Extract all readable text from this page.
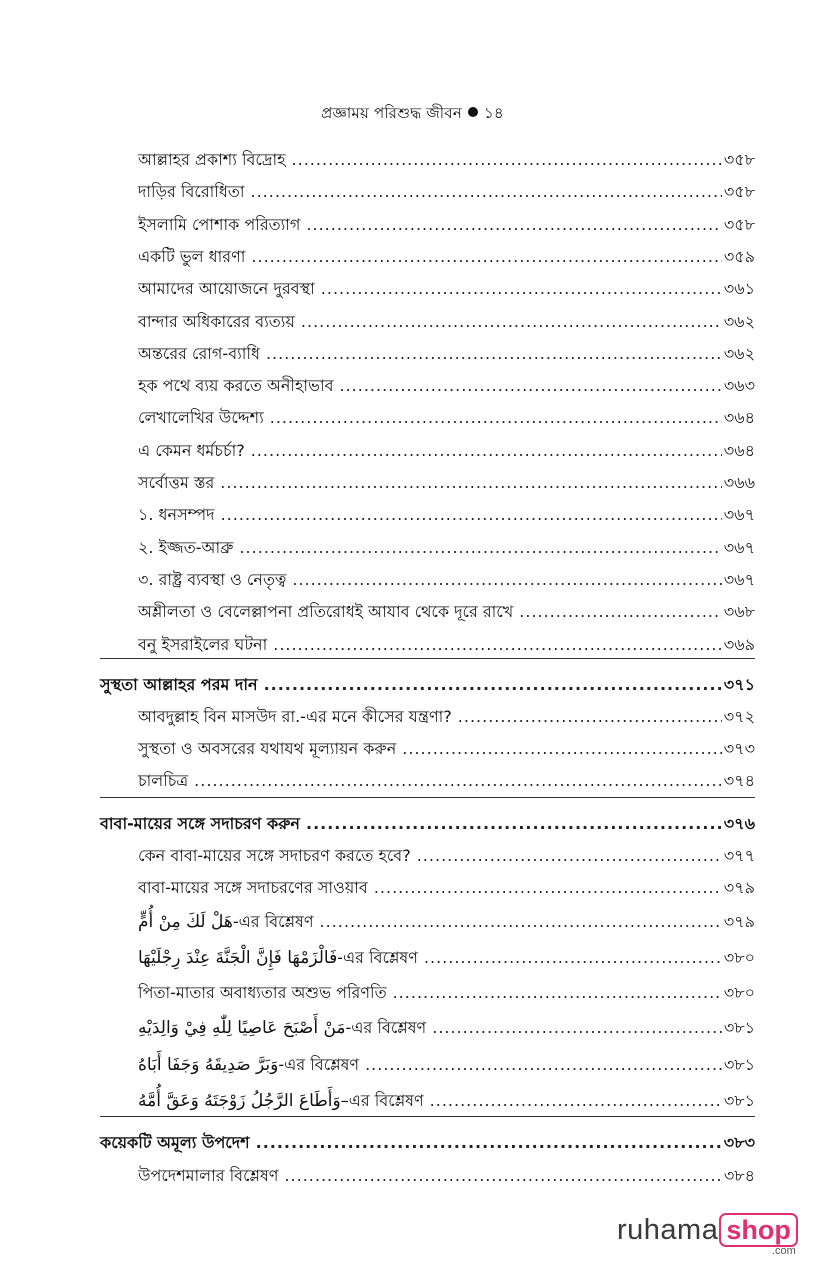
প্রজ্ঞাময় পরিশুদ্ধ জীবন ১৪
আল্লাহর প্রকাশ্য বিদ্রোহ .....	৩৫৮
দাড়ির বিরোধিতা .....	৩৫৮
ইসলামি পোশাক পরিত্যাগ .....	৩৫৮
একটি ভুল ধারণা .....	৩৫৯
আমাদের আয়োজনে দুরবস্থা .....	৩৬১
বান্দার অধিকারের ব্যত্যয় .....	৩৬২
অন্তরের রোগ-ব্যাধি .....	৩৬২
হক পথে ব্যয় করতে অনীহাভাব .....	৩৬৩
লেখালেখির উদ্দেশ্য .....	৩৬৪
এ কেমন ধর্মচর্চা? .....	৩৬৪
সর্বোত্তম স্তর .....	৩৬৬
১. ধনসম্পদ .....	৩৬৭
২. ইজ্জত-আব্রু .....	৩৬৭
৩. রাষ্ট্র ব্যবস্থা ও নেতৃত্ব .....	৩৬৭
অশ্লীলতা ও বেলেল্লাপনা প্রতিরোধই আযাব থেকে দূরে রাখে .....	৩৬৮
বনু ইসরাইলের ঘটনা .....	৩৬৯
সুস্থতা আল্লাহর পরম দান .....	৩৭১
আবদুল্লাহ বিন মাসউদ রা.-এর মনে কীসের যন্ত্রণা? .....	৩৭২
সুস্থতা ও অবসরের যথাযথ মূল্যায়ন করুন .....	৩৭৩
চালচিত্র .....	৩৭৪
বাবা-মায়ের সঙ্গে সদাচরণ করুন .....	৩৭৬
কেন বাবা-মায়ের সঙ্গে সদাচরণ করতে হবে? .....	৩৭৭
বাবা-মায়ের সঙ্গে সদাচরণের সাওয়াব .....	৩৭৯
هَلْ لَكَ مِنْ أُمٍّ-এর বিশ্লেষণ .....	৩৭৯
فَالْزَمْهَا فَإِنَّ الْجَنَّةَ عِنْدَ رِجْلَيْهَا-এর বিশ্লেষণ .....	৩৮০
পিতা-মাতার অবাধ্যতার অশুভ পরিণতি .....	৩৮০
مَنْ أَصْبَحَ عَاصِيًا لِلّٰهِ فِيْ وَالِدَيْهِ-এর বিশ্লেষণ .....	৩৮১
وَبَرَّ صَدِيقَهُ وَجَفَا أَبَاهُ-এর বিশ্লেষণ .....	৩৮১
وَأَطَاعَ الرَّجُلُ زَوْجَتَهُ وَعَقَّ أُمَّهُ–এর বিশ্লেষণ .....	৩৮১
কয়েকটি অমূল্য উপদেশ .....	৩৮৩
উপদেশমালার বিশ্লেষণ .....	৩৮৪
ruhama shop
.com
